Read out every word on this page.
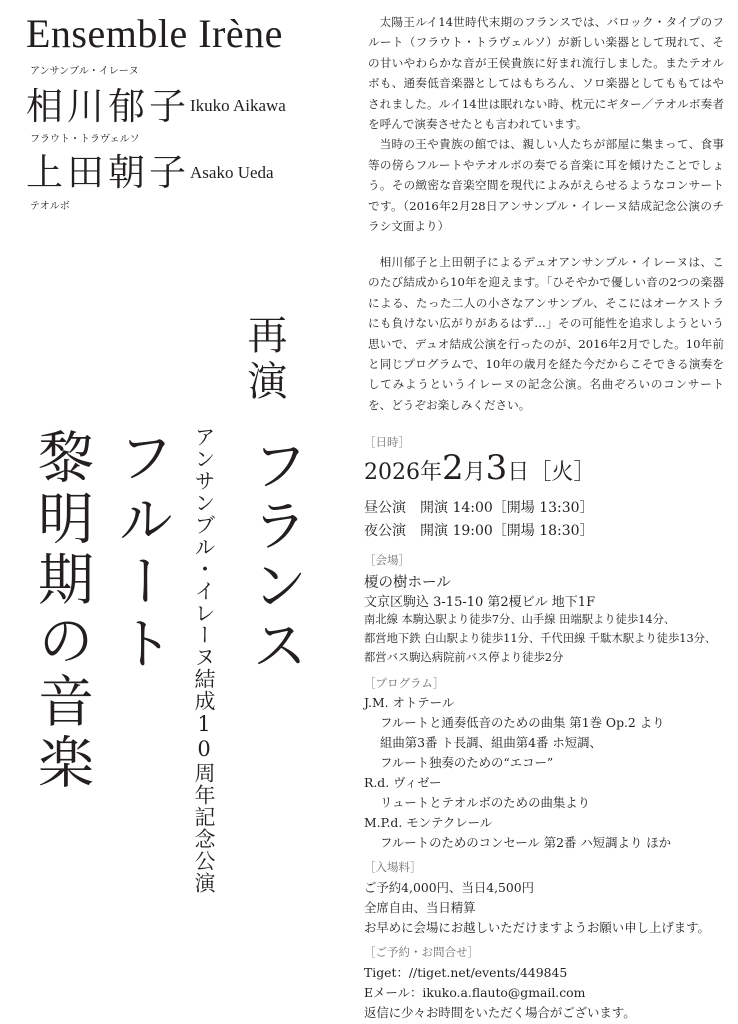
Ensemble Irène
アンサンブル・イレーヌ
相川郁子 Ikuko Aikawa
フラウト・トラヴェルソ
上田朝子 Asako Ueda
テオルボ

太陽王ルイ14世時代末期のフランスでは、バロック・タイプのフルート（フラウト・トラヴェルソ）が新しい楽器として現れて、その甘いやわらかな音が王侯貴族に好まれ流行しました。またテオルボも、通奏低音楽器としてはもちろん、ソロ楽器としてももてはやされました。ルイ14世は眠れない時、枕元にギター／テオルボ奏者を呼んで演奏させたとも言われています。

当時の王や貴族の館では、親しい人たちが部屋に集まって、食事等の傍らフルートやテオルボの奏でる音楽に耳を傾けたことでしょう。その緻密な音楽空間を現代によみがえらせるようなコンサートです。（2016年2月28日アンサンブル・イレーヌ結成記念公演のチラシ文面より）

相川郁子と上田朝子によるデュオアンサンブル・イレーヌは、このたび結成から10年を迎えます。「ひそやかで優しい音の2つの楽器による、たった二人の小さなアンサンブル、そこにはオーケストラにも負けない広がりがあるはず…」その可能性を追求しようという思いで、デュオ結成公演を行ったのが、2016年2月でした。10年前と同じプログラムで、10年の歳月を経た今だからこそできる演奏をしてみようというイレーヌの記念公演。名曲ぞろいのコンサートを、どうぞお楽しみください。

再演
フランス
アンサンブル・イレーヌ結成10周年記念公演
フルート
黎明期の音楽	［日時］
2026年2月3日［火］
昼公演　開演 14:00［開場 13:30］
夜公演　開演 19:00［開場 18:30］
［会場］
榎の樹ホール
文京区駒込 3-15-10 第2榎ビル 地下1F
南北線 本駒込駅より徒歩7分、山手線 田端駅より徒歩14分、
都営地下鉄 白山駅より徒歩11分、千代田線 千駄木駅より徒歩13分、
都営バス駒込病院前バス停より徒歩2分
［プログラム］
J.M. オトテール
フルートと通奏低音のための曲集 第1巻 Op.2 より
組曲第3番 ト長調、組曲第4番 ホ短調、
フルート独奏のための“エコー”
R.d. ヴィゼー
リュートとテオルボのための曲集より
M.P.d. モンテクレール
フルートのためのコンセール 第2番 ハ短調より ほか
［入場料］
ご予約4,000円、当日4,500円
全席自由、当日精算
お早めに会場にお越しいただけますようお願い申し上げます。
［ご予約・お問合せ］
Tiget：//tiget.net/events/449845
Eメール：ikuko.a.flauto@gmail.com
返信に少々お時間をいただく場合がございます。
